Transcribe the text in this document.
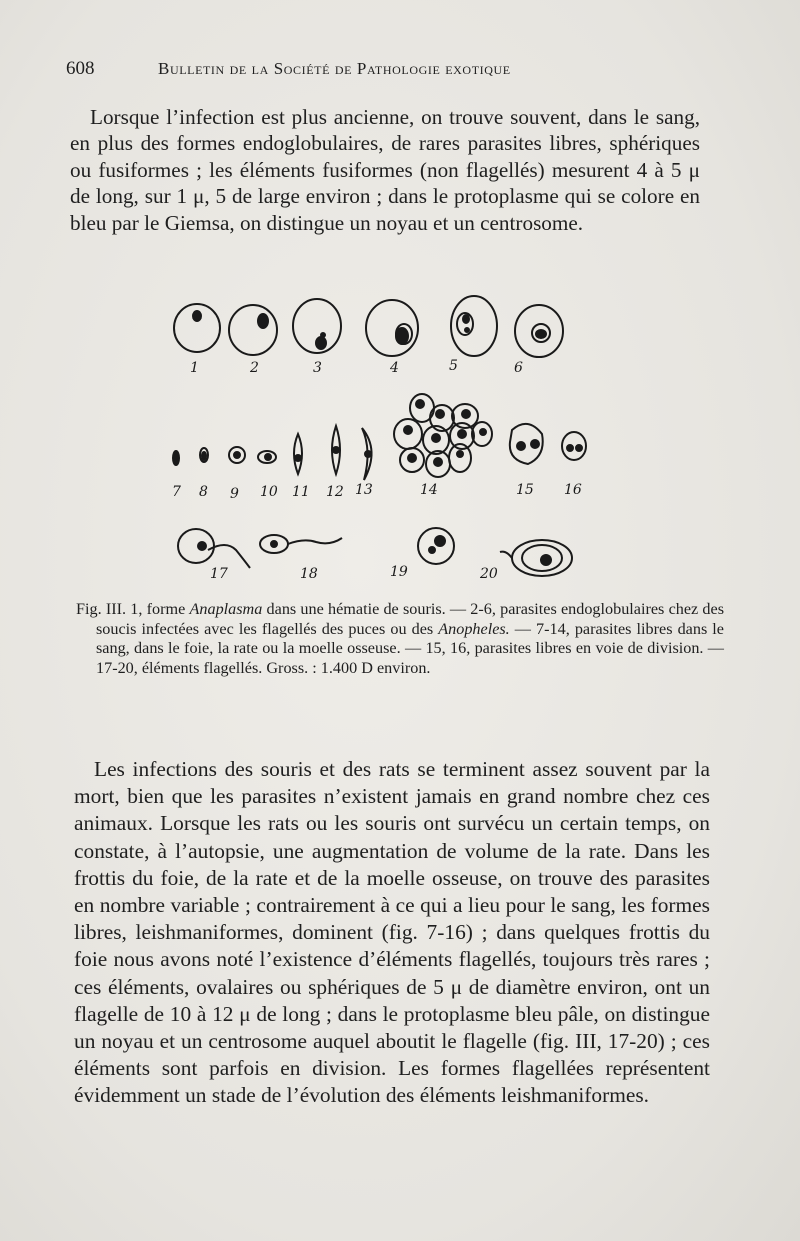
608	Bulletin de la Société de Pathologie exotique

Lorsque l’infection est plus ancienne, on trouve souvent, dans le sang, en plus des formes endoglobulaires, de rares parasites libres, sphériques ou fusiformes ; les éléments fusiformes (non flagellés) mesurent 4 à 5 μ de long, sur 1 μ, 5 de large environ ; dans le protoplasme qui se colore en bleu par le Giemsa, on distingue un noyau et un centrosome.

1	2	3	4	5	6
7 8 9 10 11 12 13	14	15 16
17	18	19	20

Fig. III. 1, forme Anaplasma dans une hématie de souris. — 2-6, parasites endoglobulaires chez des soucis infectées avec les flagellés des puces ou des Anopheles. — 7-14, parasites libres dans le sang, dans le foie, la rate ou la moelle osseuse. — 15, 16, parasites libres en voie de division. — 17-20, éléments flagellés. Gross. : 1.400 D environ.

Les infections des souris et des rats se terminent assez souvent par la mort, bien que les parasites n’existent jamais en grand nombre chez ces animaux. Lorsque les rats ou les souris ont survécu un certain temps, on constate, à l’autopsie, une augmentation de volume de la rate. Dans les frottis du foie, de la rate et de la moelle osseuse, on trouve des parasites en nombre variable ; contrairement à ce qui a lieu pour le sang, les formes libres, leishmaniformes, dominent (fig. 7-16) ; dans quelques frottis du foie nous avons noté l’existence d’éléments flagellés, toujours très rares ; ces éléments, ovalaires ou sphériques de 5 μ de diamètre environ, ont un flagelle de 10 à 12 μ de long ; dans le protoplasme bleu pâle, on distingue un noyau et un centrosome auquel aboutit le flagelle (fig. III, 17-20) ; ces éléments sont parfois en division. Les formes flagellées représentent évidemment un stade de l’évolution des éléments leishmaniformes.
